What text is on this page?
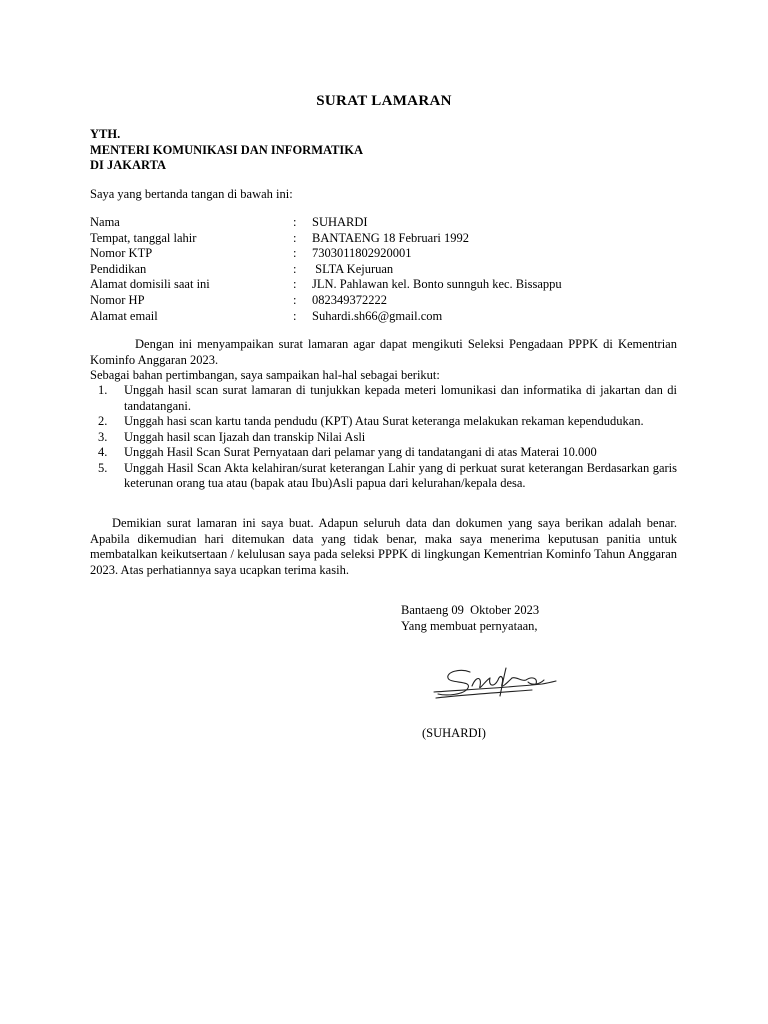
SURAT LAMARAN
YTH.
MENTERI KOMUNIKASI DAN INFORMATIKA
DI JAKARTA
Saya yang bertanda tangan di bawah ini:
Nama	: SUHARDI
Tempat, tanggal lahir	: BANTAENG 18 Februari 1992
Nomor KTP	: 7303011802920001
Pendidikan	: SLTA Kejuruan
Alamat domisili saat ini	: JLN. Pahlawan kel. Bonto sunnguh kec. Bissappu
Nomor HP	: 082349372222
Alamat email	: Suhardi.sh66@gmail.com
Dengan ini menyampaikan surat lamaran agar dapat mengikuti Seleksi Pengadaan PPPK di Kementrian Kominfo Anggaran 2023.
Sebagai bahan pertimbangan, saya sampaikan hal-hal sebagai berikut:
1. Unggah hasil scan surat lamaran di tunjukkan kepada meteri lomunikasi dan informatika di jakartan dan di tandatangani.
2. Unggah hasi scan kartu tanda pendudu (KPT) Atau Surat keteranga melakukan rekaman kependudukan.
3. Unggah hasil scan Ijazah dan transkip Nilai Asli
4. Unggah Hasil Scan Surat Pernyataan dari pelamar yang di tandatangani di atas Materai 10.000
5. Unggah Hasil Scan Akta kelahiran/surat keterangan Lahir yang di perkuat surat keterangan Berdasarkan garis keterunan orang tua atau (bapak atau Ibu)Asli papua dari kelurahan/kepala desa.
Demikian surat lamaran ini saya buat. Adapun seluruh data dan dokumen yang saya berikan adalah benar. Apabila dikemudian hari ditemukan data yang tidak benar, maka saya menerima keputusan panitia untuk membatalkan keikutsertaan / kelulusan saya pada seleksi PPPK di lingkungan Kementrian Kominfo Tahun Anggaran 2023. Atas perhatiannya saya ucapkan terima kasih.
Bantaeng 09  Oktober 2023
Yang membuat pernyataan,
(SUHARDI)
